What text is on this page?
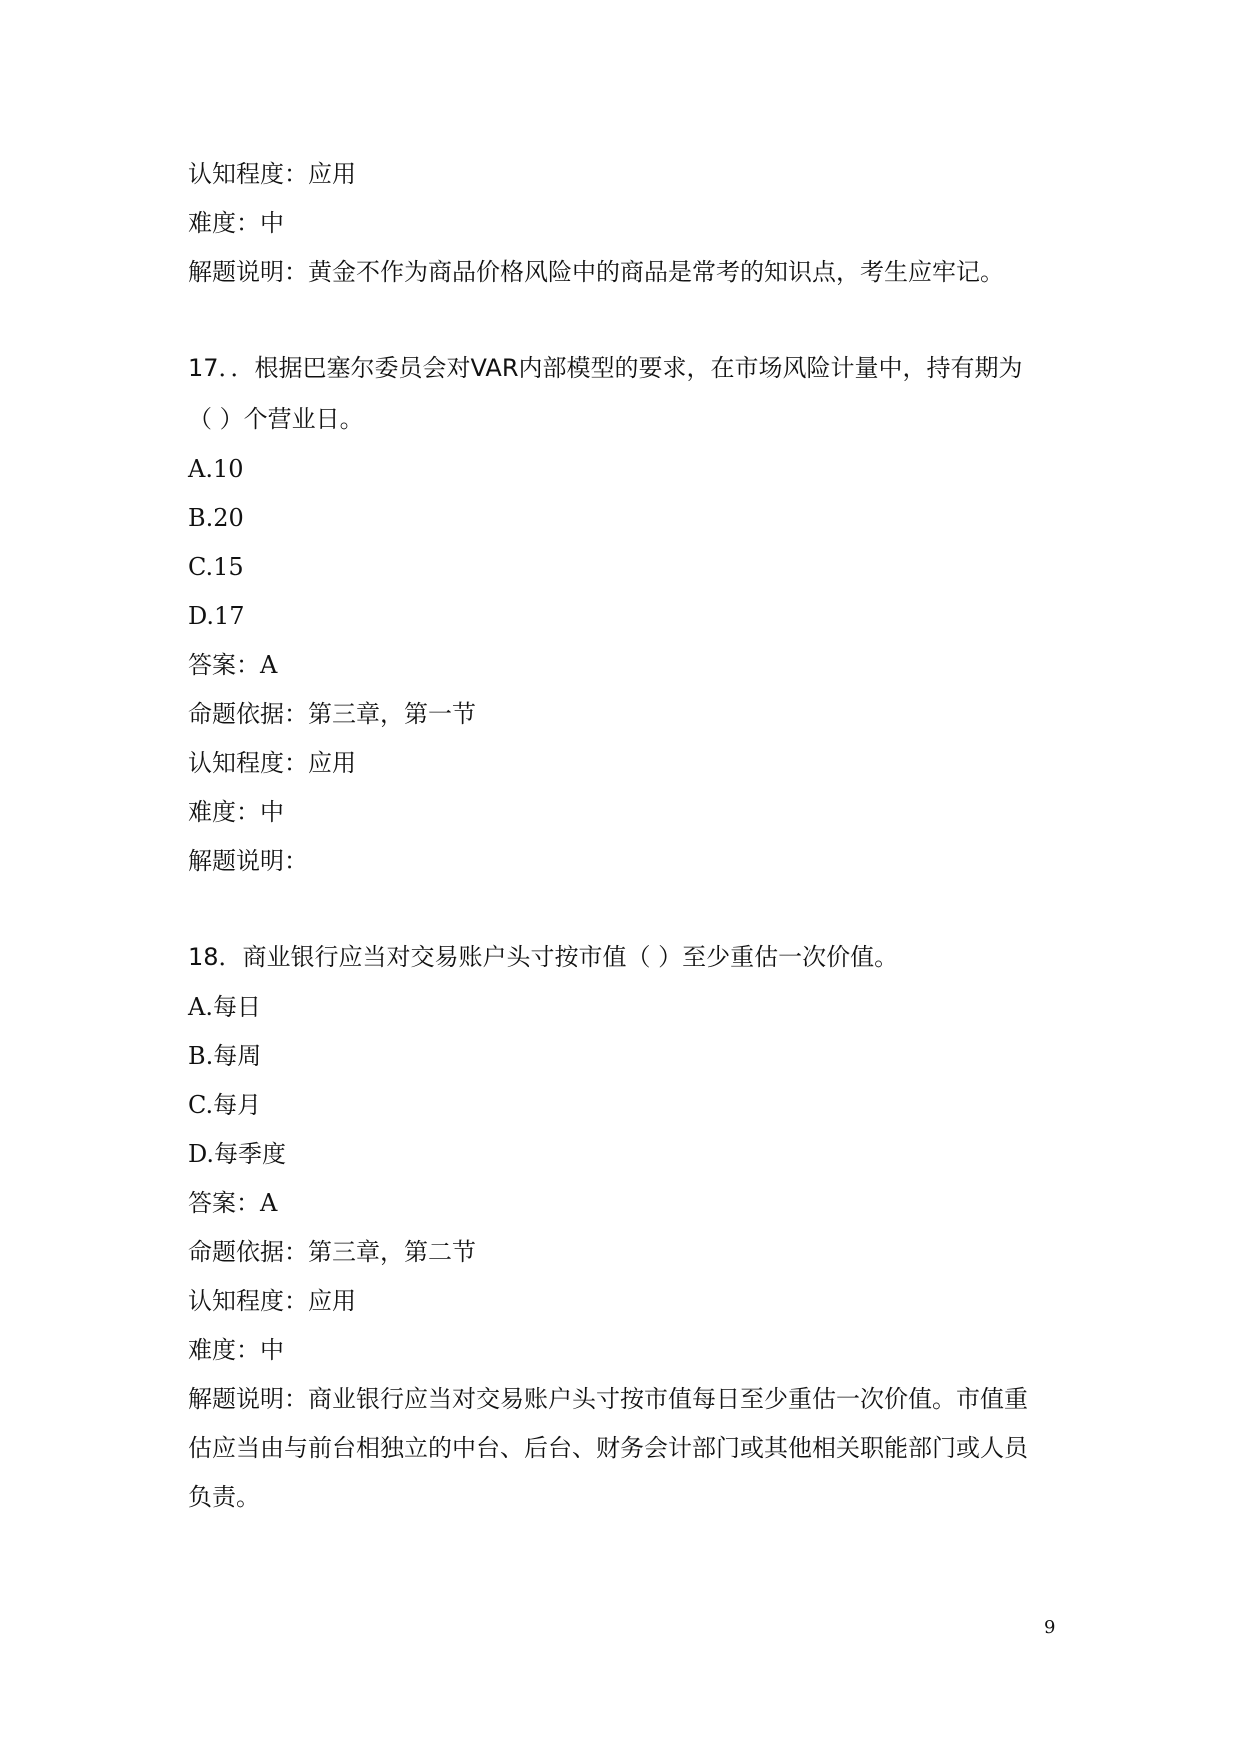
认知程度：应用

难度：中

解题说明：黄金不作为商品价格风险中的商品是常考的知识点，考生应牢记。

17．．根据巴塞尔委员会对VAR内部模型的要求，在市场风险计量中，持有期为

（ ）个营业日。

A.10

B.20

C.15

D.17

答案：A

命题依据：第三章，第一节

认知程度：应用

难度：中

解题说明：

18．商业银行应当对交易账户头寸按市值（ ）至少重估一次价值。

A.每日

B.每周

C.每月

D.每季度

答案：A

命题依据：第三章，第二节

认知程度：应用

难度：中

解题说明：商业银行应当对交易账户头寸按市值每日至少重估一次价值。市值重

估应当由与前台相独立的中台、后台、财务会计部门或其他相关职能部门或人员

负责。

9
